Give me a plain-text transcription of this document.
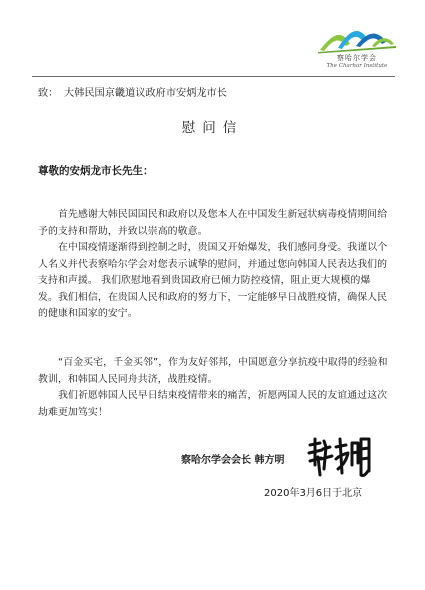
察哈尔学会
The Charhar Institute
致： 大韩民国京畿道议政府市安炳龙市长
慰问信
尊敬的安炳龙市长先生：

首先感谢大韩民国国民和政府以及您本人在中国发生新冠状病毒疫情期间给予的支持和帮助，并致以崇高的敬意。

在中国疫情逐渐得到控制之时，贵国又开始爆发，我们感同身受。我谨以个人名义并代表察哈尔学会对您表示诚挚的慰问，并通过您向韩国人民表达我们的支持和声援。 我们欣慰地看到贵国政府已倾力防控疫情，阻止更大规模的爆发。我们相信，在贵国人民和政府的努力下，一定能够早日战胜疫情，确保人民的健康和国家的安宁。

“百金买宅，千金买邻”，作为友好邻邦，中国愿意分享抗疫中取得的经验和教训，和韩国人民同舟共济，战胜疫情。

我们祈愿韩国人民早日结束疫情带来的痛苦，祈愿两国人民的友谊通过这次劫难更加笃实！

察哈尔学会会长 韩方明
2020年3月6日于北京
